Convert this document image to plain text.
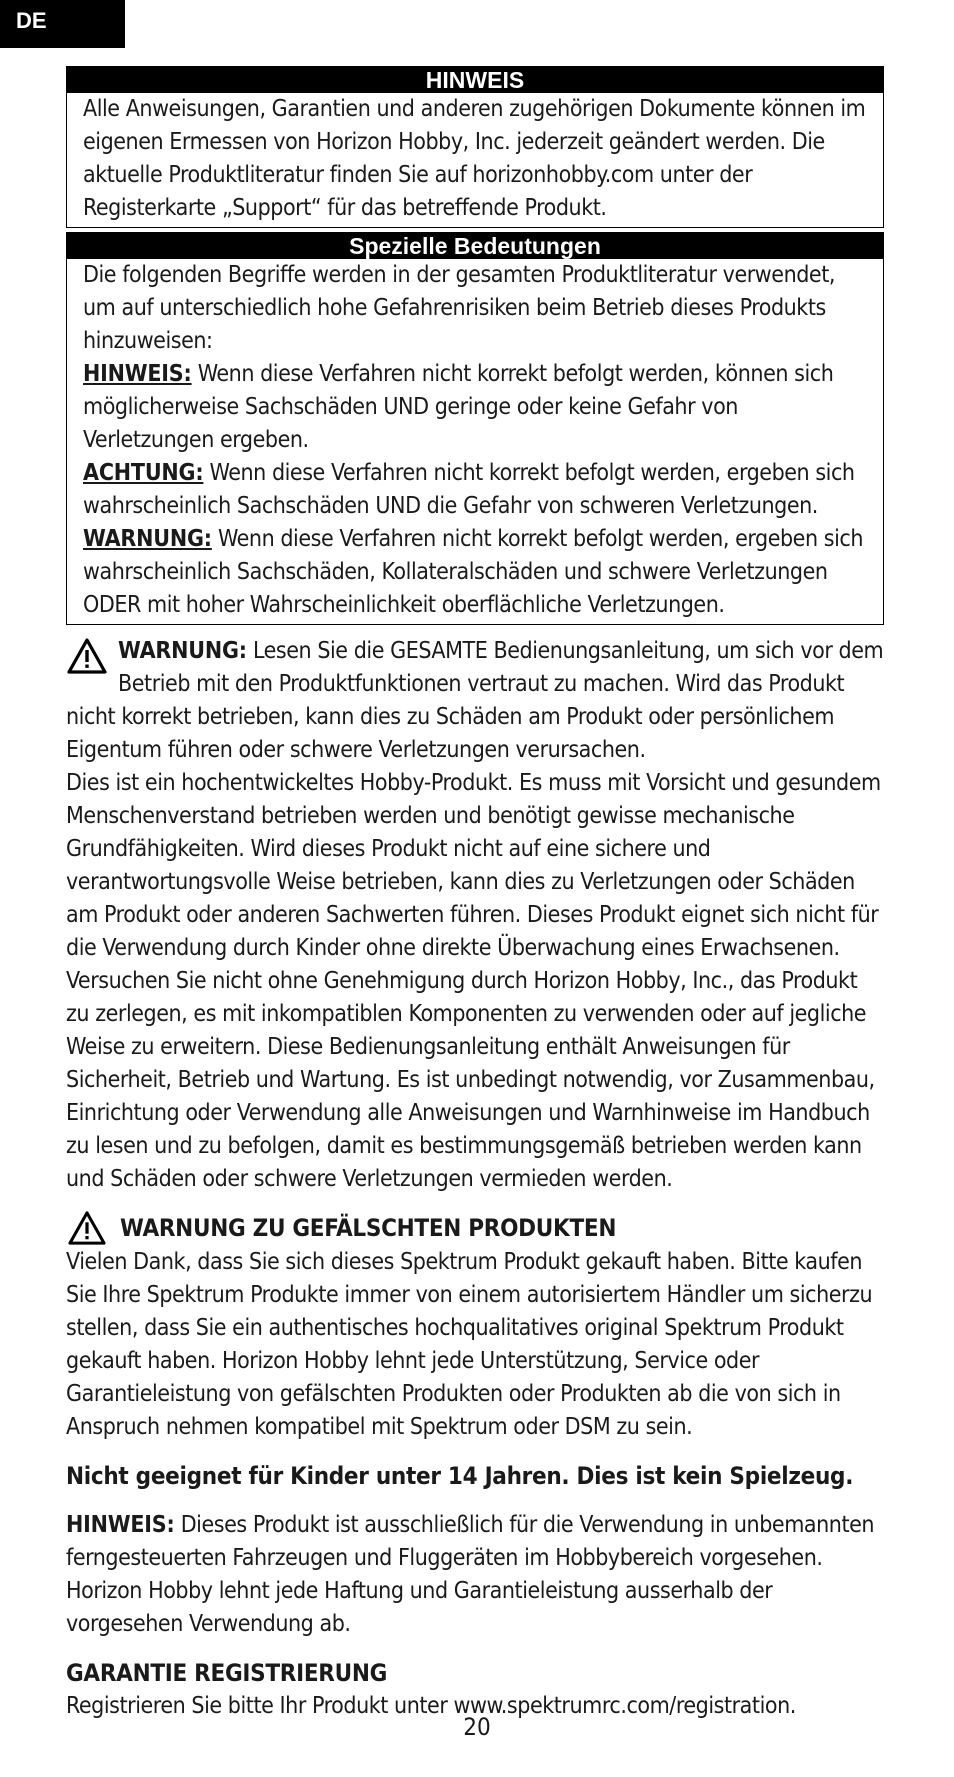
DE
HINWEIS
Alle Anweisungen, Garantien und anderen zugehörigen Dokumente können im eigenen Ermessen von Horizon Hobby, Inc. jederzeit geändert werden. Die aktuelle Produktliteratur finden Sie auf horizonhobby.com unter der Registerkarte „Support“ für das betreffende Produkt.
Spezielle Bedeutungen

Die folgenden Begriffe werden in der gesamten Produktliteratur verwendet, um auf unterschiedlich hohe Gefahrenrisiken beim Betrieb dieses Produkts hinzuweisen:

HINWEIS: Wenn diese Verfahren nicht korrekt befolgt werden, können sich möglicherweise Sachschäden UND geringe oder keine Gefahr von Verletzungen ergeben.

ACHTUNG: Wenn diese Verfahren nicht korrekt befolgt werden, ergeben sich wahrscheinlich Sachschäden UND die Gefahr von schweren Verletzungen.

WARNUNG: Wenn diese Verfahren nicht korrekt befolgt werden, ergeben sich wahrscheinlich Sachschäden, Kollateralschäden und schwere Verletzungen ODER mit hoher Wahrscheinlichkeit oberflächliche Verletzungen.

WARNUNG: Lesen Sie die GESAMTE Bedienungsanleitung, um sich vor dem Betrieb mit den Produktfunktionen vertraut zu machen. Wird das Produkt nicht korrekt betrieben, kann dies zu Schäden am Produkt oder persönlichem Eigentum führen oder schwere Verletzungen verursachen.

Dies ist ein hochentwickeltes Hobby-Produkt. Es muss mit Vorsicht und gesundem Menschenverstand betrieben werden und benötigt gewisse mechanische Grundfähigkeiten. Wird dieses Produkt nicht auf eine sichere und verantwortungsvolle Weise betrieben, kann dies zu Verletzungen oder Schäden am Produkt oder anderen Sachwerten führen. Dieses Produkt eignet sich nicht für die Verwendung durch Kinder ohne direkte Überwachung eines Erwachsenen. Versuchen Sie nicht ohne Genehmigung durch Horizon Hobby, Inc., das Produkt zu zerlegen, es mit inkompatiblen Komponenten zu verwenden oder auf jegliche Weise zu erweitern. Diese Bedienungsanleitung enthält Anweisungen für Sicherheit, Betrieb und Wartung. Es ist unbedingt notwendig, vor Zusammenbau, Einrichtung oder Verwendung alle Anweisungen und Warnhinweise im Handbuch zu lesen und zu befolgen, damit es bestimmungsgemäß betrieben werden kann und Schäden oder schwere Verletzungen vermieden werden.

WARNUNG ZU GEFÄLSCHTEN PRODUKTEN

Vielen Dank, dass Sie sich dieses Spektrum Produkt gekauft haben. Bitte kaufen Sie Ihre Spektrum Produkte immer von einem autorisiertem Händler um sicherzu stellen, dass Sie ein authentisches hochqualitatives original Spektrum Produkt gekauft haben. Horizon Hobby lehnt jede Unterstützung, Service oder Garantieleistung von gefälschten Produkten oder Produkten ab die von sich in Anspruch nehmen kompatibel mit Spektrum oder DSM zu sein.

Nicht geeignet für Kinder unter 14 Jahren. Dies ist kein Spielzeug.

HINWEIS: Dieses Produkt ist ausschließlich für die Verwendung in unbemannten ferngesteuerten Fahrzeugen und Fluggeräten im Hobbybereich vorgesehen. Horizon Hobby lehnt jede Haftung und Garantieleistung ausserhalb der vorgesehen Verwendung ab.

GARANTIE REGISTRIERUNG

Registrieren Sie bitte Ihr Produkt unter www.spektrumrc.com/registration.

20
